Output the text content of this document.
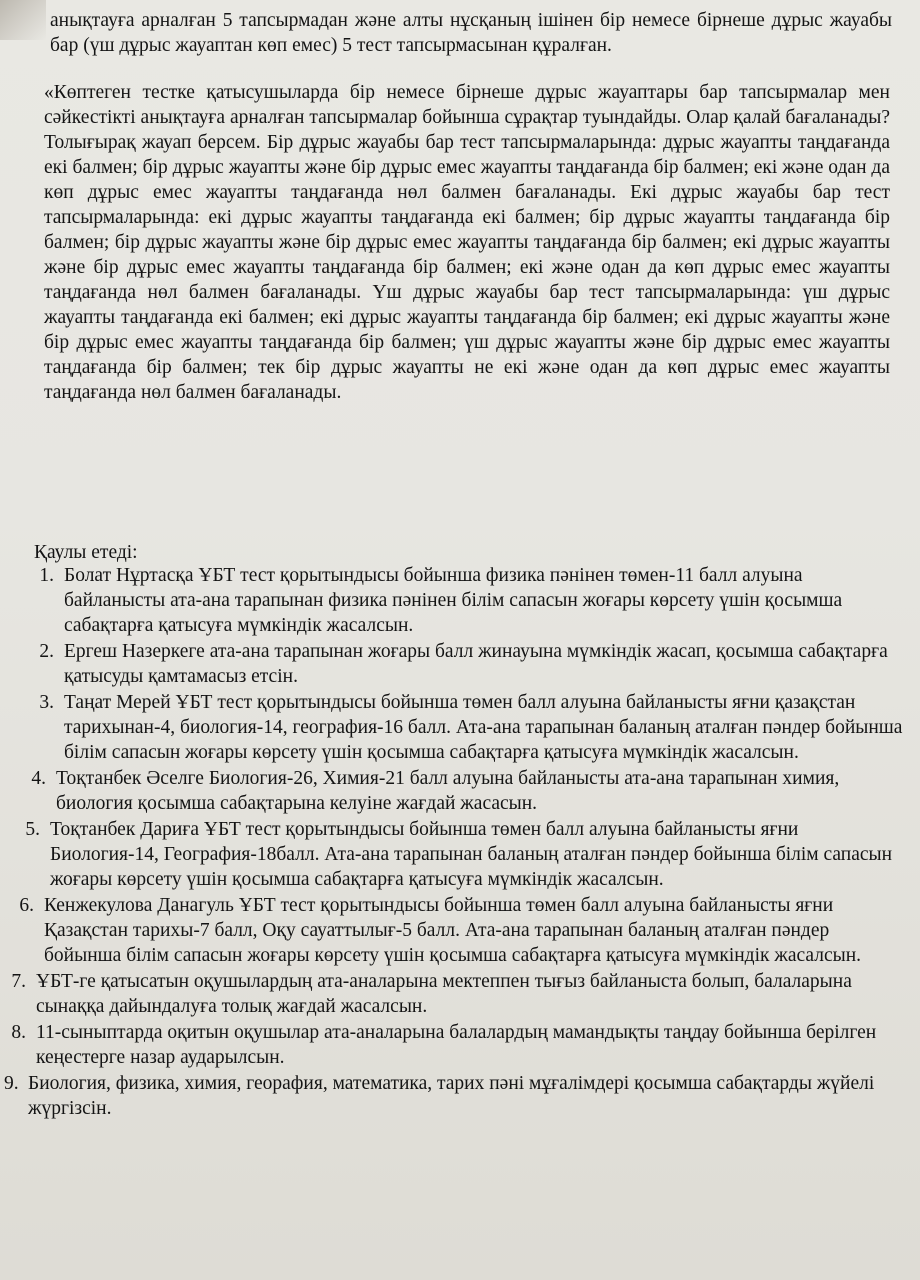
анықтауға арналған 5 тапсырмадан және алты нұсқаның ішінен бір немесе бірнеше дұрыс жауабы бар (үш дұрыс жауаптан көп емес) 5 тест тапсырмасынан құралған.

«Көптеген тестке қатысушыларда бір немесе бірнеше дұрыс жауаптары бар тапсырмалар мен сәйкестікті анықтауға арналған тапсырмалар бойынша сұрақтар туындайды. Олар қалай бағаланады? Толығырақ жауап берсем. Бір дұрыс жауабы бар тест тапсырмаларында: дұрыс жауапты таңдағанда екі балмен; бір дұрыс жауапты және бір дұрыс емес жауапты таңдағанда бір балмен; екі және одан да көп дұрыс емес жауапты таңдағанда нөл балмен бағаланады. Екі дұрыс жауабы бар тест тапсырмаларында: екі дұрыс жауапты таңдағанда екі балмен; бір дұрыс жауапты таңдағанда бір балмен; бір дұрыс жауапты және бір дұрыс емес жауапты таңдағанда бір балмен; екі дұрыс жауапты және бір дұрыс емес жауапты таңдағанда бір балмен; екі және одан да көп дұрыс емес жауапты таңдағанда нөл балмен бағаланады. Үш дұрыс жауабы бар тест тапсырмаларында: үш дұрыс жауапты таңдағанда екі балмен; екі дұрыс жауапты таңдағанда бір балмен; екі дұрыс жауапты және бір дұрыс емес жауапты таңдағанда бір балмен; үш дұрыс жауапты және бір дұрыс емес жауапты таңдағанда бір балмен; тек бір дұрыс жауапты не екі және одан да көп дұрыс емес жауапты таңдағанда нөл балмен бағаланады.

Қаулы етеді:

1. Болат Нұртасқа ҰБТ тест қорытындысы бойынша физика пәнінен төмен-11 балл алуына байланысты ата-ана тарапынан физика пәнінен білім сапасын жоғары көрсету үшін қосымша сабақтарға қатысуға мүмкіндік жасалсын.
2. Ергеш Назеркеге ата-ана тарапынан жоғары балл жинауына мүмкіндік жасап, қосымша сабақтарға қатысуды қамтамасыз етсін.
3. Таңат Мерей ҰБТ тест қорытындысы бойынша төмен балл алуына байланысты яғни қазақстан тарихынан-4, биология-14, география-16 балл. Ата-ана тарапынан баланың аталған пәндер бойынша білім сапасын жоғары көрсету үшін қосымша сабақтарға қатысуға мүмкіндік жасалсын.
4. Тоқтанбек Әселге Биология-26, Химия-21 балл алуына байланысты ата-ана тарапынан химия, биология қосымша сабақтарына келуіне жағдай жасасын.
5. Тоқтанбек Дариға ҰБТ тест қорытындысы бойынша төмен балл алуына байланысты яғни Биология-14, География-18балл. Ата-ана тарапынан баланың аталған пәндер бойынша білім сапасын жоғары көрсету үшін қосымша сабақтарға қатысуға мүмкіндік жасалсын.
6. Кенжекулова Данагуль ҰБТ тест қорытындысы бойынша төмен балл алуына байланысты яғни Қазақстан тарихы-7 балл, Оқу сауаттылығ-5 балл. Ата-ана тарапынан баланың аталған пәндер бойынша білім сапасын жоғары көрсету үшін қосымша сабақтарға қатысуға мүмкіндік жасалсын.
7. ҰБТ-ге қатысатын оқушылардың ата-аналарына мектеппен тығыз байланыста болып, балаларына сынаққа дайындалуға толық жағдай жасалсын.
8. 11-сыныптарда оқитын оқушылар ата-аналарына балалардың мамандықты таңдау бойынша берілген кеңестерге назар аударылсын.
9. Биология, физика, химия, георафия, математика, тарих пәні мұғалімдері қосымша сабақтарды жүйелі жүргізсін.
